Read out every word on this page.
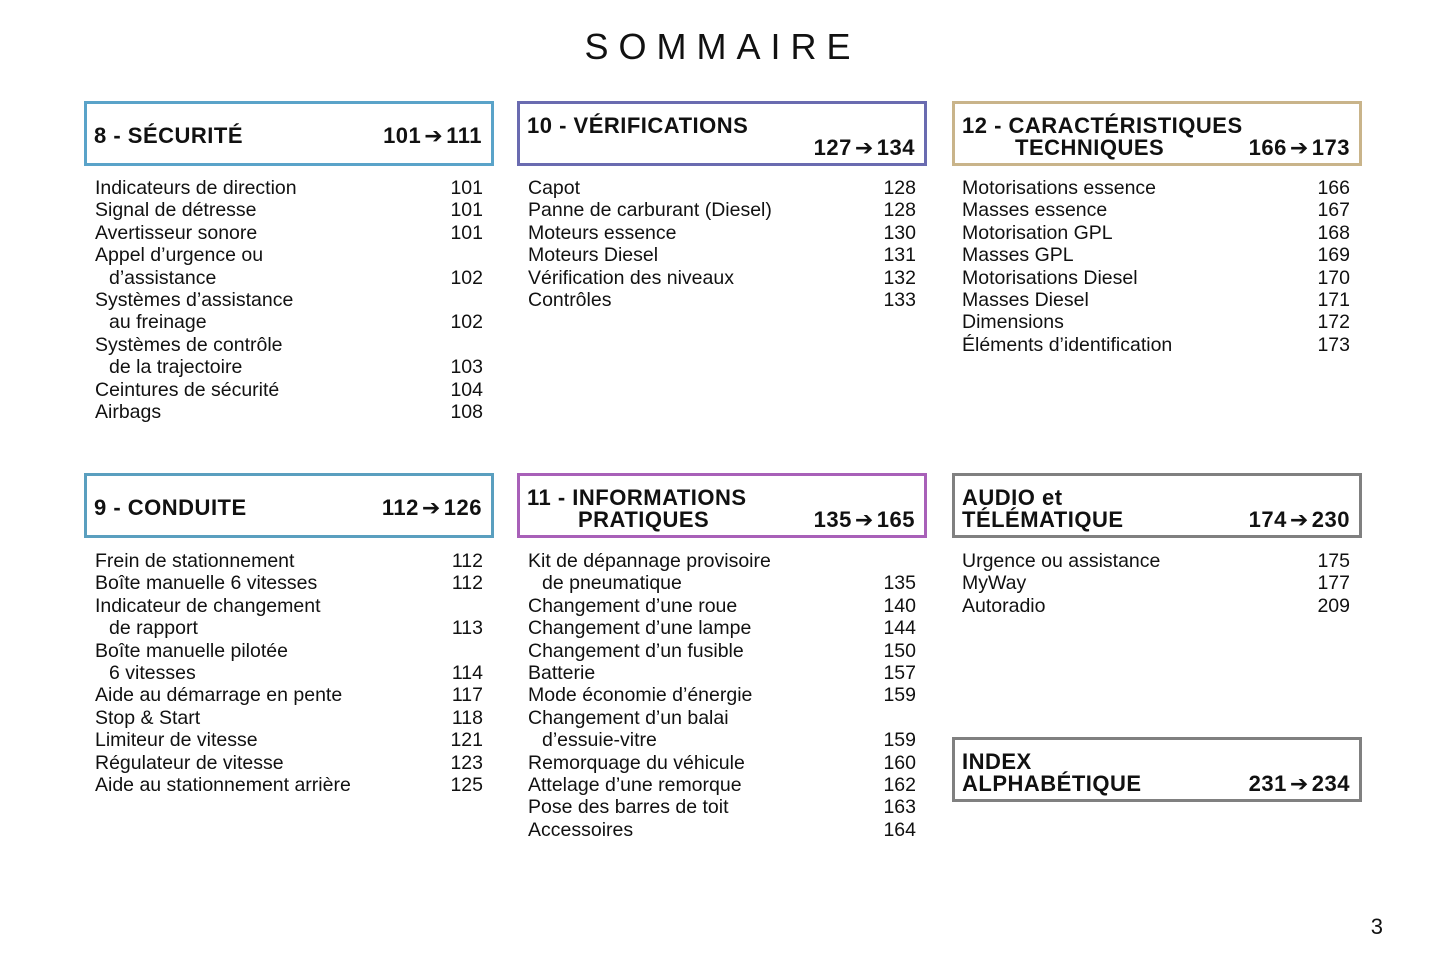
SOMMAIRE
8 - SÉCURITÉ	101 ➔ 111
Indicateurs de direction	101
Signal de détresse	101
Avertisseur sonore	101
Appel d’urgence ou
d’assistance	102
Systèmes d’assistance
au freinage	102
Systèmes de contrôle
de la trajectoire	103
Ceintures de sécurité	104
Airbags	108
10 - VÉRIFICATIONS
127 ➔ 134
Capot	128
Panne de carburant (Diesel)	128
Moteurs essence	130
Moteurs Diesel	131
Vérification des niveaux	132
Contrôles	133
12 - CARACTÉRISTIQUES
TECHNIQUES	166 ➔ 173
Motorisations essence	166
Masses essence	167
Motorisation GPL	168
Masses GPL	169
Motorisations Diesel	170
Masses Diesel	171
Dimensions	172
Éléments d’identification	173
9 - CONDUITE	112 ➔ 126
Frein de stationnement	112
Boîte manuelle 6 vitesses	112
Indicateur de changement
de rapport	113
Boîte manuelle pilotée
6 vitesses	114
Aide au démarrage en pente	117
Stop & Start	118
Limiteur de vitesse	121
Régulateur de vitesse	123
Aide au stationnement arrière	125
11 - INFORMATIONS
PRATIQUES	135 ➔ 165
Kit de dépannage provisoire
de pneumatique	135
Changement d’une roue	140
Changement d’une lampe	144
Changement d’un fusible	150
Batterie	157
Mode économie d’énergie	159
Changement d’un balai
d’essuie-vitre	159
Remorquage du véhicule	160
Attelage d’une remorque	162
Pose des barres de toit	163
Accessoires	164
AUDIO et
TÉLÉMATIQUE	174 ➔ 230
Urgence ou assistance	175
MyWay	177
Autoradio	209
INDEX
ALPHABÉTIQUE	231 ➔ 234
3
